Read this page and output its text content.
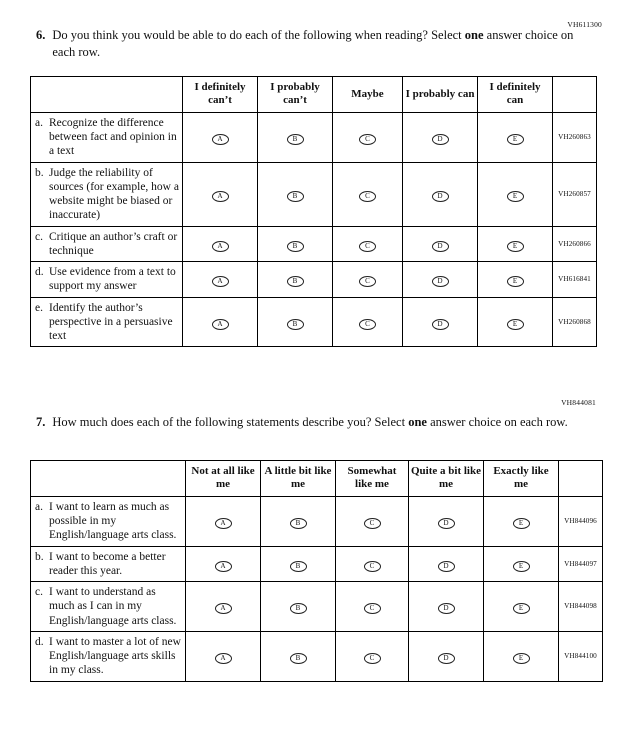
VH611300
6. Do you think you would be able to do each of the following when reading? Select one answer choice on each row.
	I definitely can’t	I probably can’t	Maybe	I probably can	I definitely can	

a. Recognize the difference between fact and opinion in a text	A	B	C	D	E	VH260863

b. Judge the reliability of sources (for example, how a website might be biased or inaccurate)	A	B	C	D	E	VH260857

c. Critique an author’s craft or technique	A	B	C	D	E	VH260866

d. Use evidence from a text to support my answer	A	B	C	D	E	VH616841

e. Identify the author’s perspective in a persuasive text	A	B	C	D	E	VH260868
VH844081
7. How much does each of the following statements describe you? Select one answer choice on each row.
	Not at all like me	A little bit like me	Somewhat like me	Quite a bit like me	Exactly like me	

a. I want to learn as much as possible in my English/language arts class.	A	B	C	D	E	VH844096

b. I want to become a better reader this year.	A	B	C	D	E	VH844097

c. I want to understand as much as I can in my English/language arts class.	A	B	C	D	E	VH844098

d. I want to master a lot of new English/language arts skills in my class.	A	B	C	D	E	VH844100
